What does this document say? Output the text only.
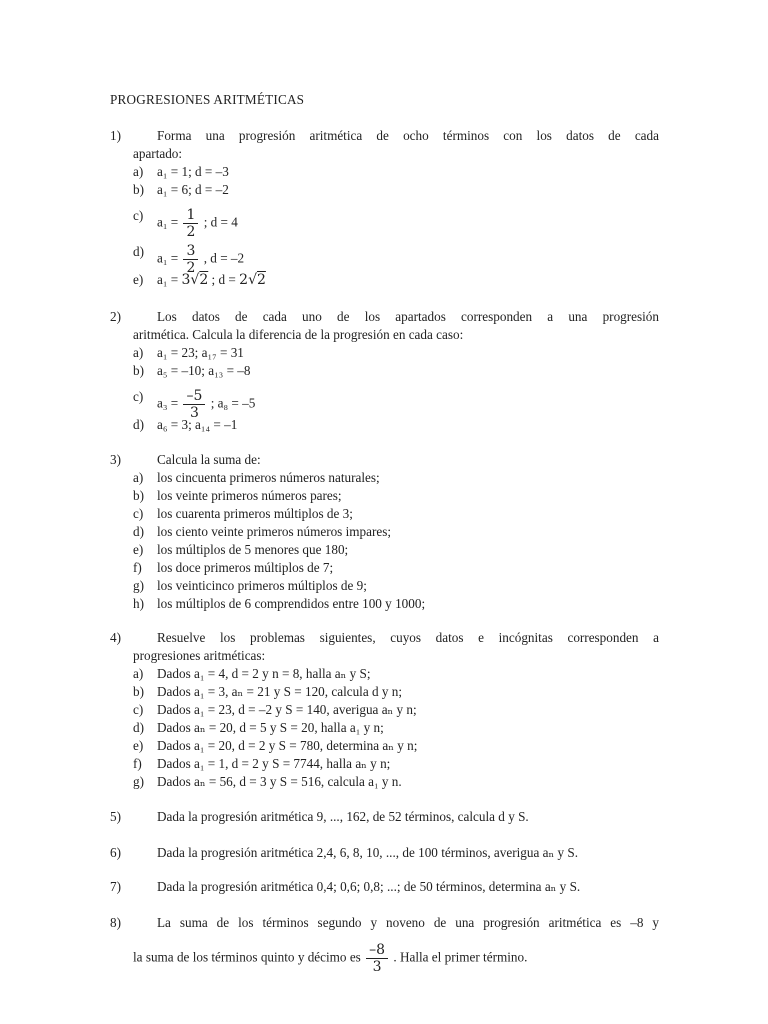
PROGRESIONES ARITMÉTICAS
1)	Forma una progresión aritmética de ocho términos con los datos de cada
apartado:
a) a₁ = 1; d = –3
b) a₁ = 6; d = –2
c) $a_1 = \frac{1}{2}$ ; d = 4
d) $a_1 = \frac{3}{2}$ , d = –2
e) a₁ = 3√2 ; d = 2√2
2)	Los datos de cada uno de los apartados corresponden a una progresión
aritmética. Calcula la diferencia de la progresión en cada caso:
a) a₁ = 23; a₁₇ = 31
b) a₅ = –10; a₁₃ = –8
c) $a_3 = \frac{-5}{3}$ ; a₈ = –5
d) a₆ = 3; a₁₄ = –1
3)	Calcula la suma de:
a) los cincuenta primeros números naturales;
b) los veinte primeros números pares;
c) los cuarenta primeros múltiplos de 3;
d) los ciento veinte primeros números impares;
e) los múltiplos de 5 menores que 180;
f) los doce primeros múltiplos de 7;
g) los veinticinco primeros múltiplos de 9;
h) los múltiplos de 6 comprendidos entre 100 y 1000;
4)	Resuelve los problemas siguientes, cuyos datos e incógnitas corresponden a
progresiones aritméticas:
a) Dados a₁ = 4, d = 2 y n = 8, halla aₙ y S;
b) Dados a₁ = 3, aₙ = 21 y S = 120, calcula d y n;
c) Dados a₁ = 23, d = –2 y S = 140, averigua aₙ y n;
d) Dados aₙ = 20, d = 5 y S = 20, halla a₁ y n;
e) Dados a₁ = 20, d = 2 y S = 780, determina aₙ y n;
f) Dados a₁ = 1, d = 2 y S = 7744, halla aₙ y n;
g) Dados aₙ = 56, d = 3 y S = 516, calcula a₁ y n.
5)	Dada la progresión aritmética 9, ..., 162, de 52 términos, calcula d y S.
6)	Dada la progresión aritmética 2,4, 6, 8, 10, ..., de 100 términos, averigua aₙ y S.
7)	Dada la progresión aritmética 0,4; 0,6; 0,8; ...; de 50 términos, determina aₙ y S.
8)	La suma de los términos segundo y noveno de una progresión aritmética es –8 y
la suma de los términos quinto y décimo es $\frac{-8}{3}$ . Halla el primer término.
